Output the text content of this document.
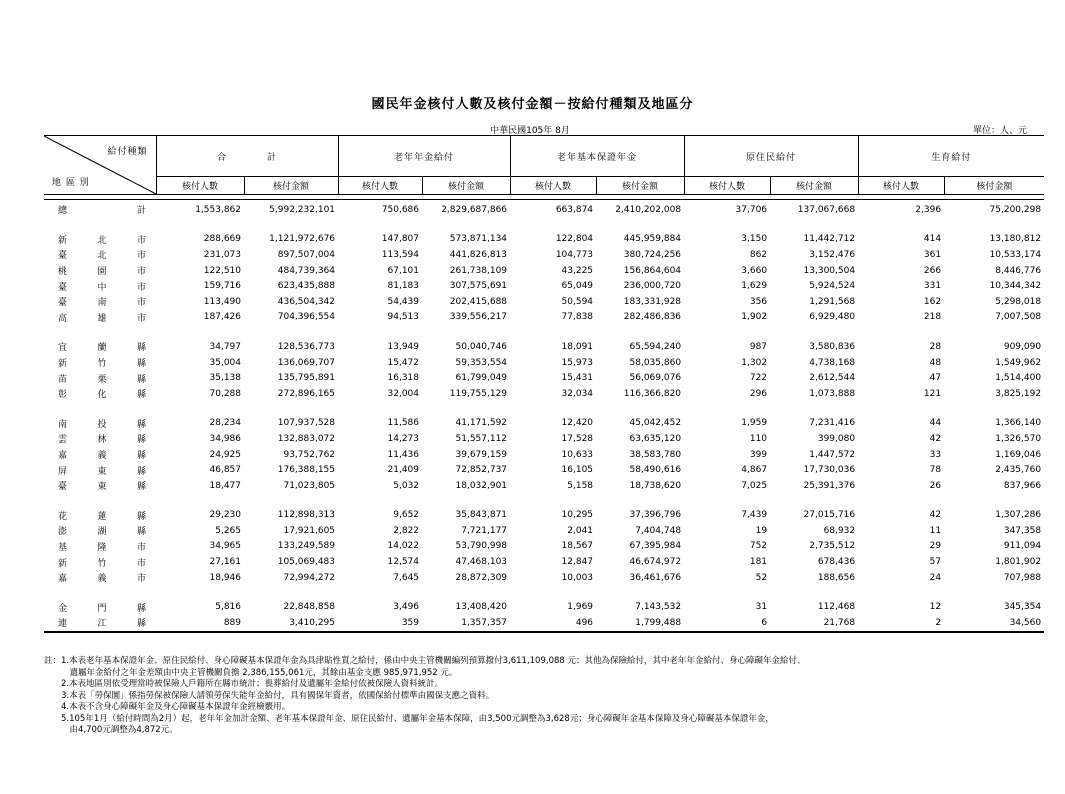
國民年金核付人數及核付金額－按給付種類及地區分
中華民國105年 8月	單位：人、元
給付種類
地 區 別	合　　　　計		老年年金給付		老年基本保證年金		原住民給付		生育給付	
	核付人數	核付金額	核付人數	核付金額	核付人數	核付金額	核付人數	核付金額	核付人數	核付金額

總計	1,553,862	5,992,232,101	750,686	2,829,687,866	663,874	2,410,202,008	37,706	137,067,668	2,396	75,200,298

新北市	288,669	1,121,972,676	147,807	573,871,134	122,804	445,959,884	3,150	11,442,712	414	13,180,812
臺北市	231,073	897,507,004	113,594	441,826,813	104,773	380,724,256	862	3,152,476	361	10,533,174
桃園市	122,510	484,739,364	67,101	261,738,109	43,225	156,864,604	3,660	13,300,504	266	8,446,776
臺中市	159,716	623,435,888	81,183	307,575,691	65,049	236,000,720	1,629	5,924,524	331	10,344,342
臺南市	113,490	436,504,342	54,439	202,415,688	50,594	183,331,928	356	1,291,568	162	5,298,018
高雄市	187,426	704,396,554	94,513	339,556,217	77,838	282,486,836	1,902	6,929,480	218	7,007,508

宜蘭縣	34,797	128,536,773	13,949	50,040,746	18,091	65,594,240	987	3,580,836	28	909,090
新竹縣	35,004	136,069,707	15,472	59,353,554	15,973	58,035,860	1,302	4,738,168	48	1,549,962
苗栗縣	35,138	135,795,891	16,318	61,799,049	15,431	56,069,076	722	2,612,544	47	1,514,400
彰化縣	70,288	272,896,165	32,004	119,755,129	32,034	116,366,820	296	1,073,888	121	3,825,192

南投縣	28,234	107,937,528	11,586	41,171,592	12,420	45,042,452	1,959	7,231,416	44	1,366,140
雲林縣	34,986	132,883,072	14,273	51,557,112	17,528	63,635,120	110	399,080	42	1,326,570
嘉義縣	24,925	93,752,762	11,436	39,679,159	10,633	38,583,780	399	1,447,572	33	1,169,046
屏東縣	46,857	176,388,155	21,409	72,852,737	16,105	58,490,616	4,867	17,730,036	78	2,435,760
臺東縣	18,477	71,023,805	5,032	18,032,901	5,158	18,738,620	7,025	25,391,376	26	837,966

花蓮縣	29,230	112,898,313	9,652	35,843,871	10,295	37,396,796	7,439	27,015,716	42	1,307,286
澎湖縣	5,265	17,921,605	2,822	7,721,177	2,041	7,404,748	19	68,932	11	347,358
基隆市	34,965	133,249,589	14,022	53,790,998	18,567	67,395,984	752	2,735,512	29	911,094
新竹市	27,161	105,069,483	12,574	47,468,103	12,847	46,674,972	181	678,436	57	1,801,902
嘉義市	18,946	72,994,272	7,645	28,872,309	10,003	36,461,676	52	188,656	24	707,988

金門縣	5,816	22,848,858	3,496	13,408,420	1,969	7,143,532	31	112,468	12	345,354
連江縣	889	3,410,295	359	1,357,357	496	1,799,488	6	21,768	2	34,560
註：1.本表老年基本保證年金、原住民給付、身心障礙基本保證年金為具津貼性質之給付，係由中央主管機關編列預算撥付3,611,109,088 元；其他為保險給付，其中老年年金給付、身心障礙年金給付、
　　　遺屬年金給付之年金差額由中央主管機關負擔 2,386,155,061元，其餘由基金支應 985,971,952 元。
　　2.本表地區別依受理當時被保險人戶籍所在縣市統計；喪葬給付及遺屬年金給付依被保險人資料統計。
　　3.本表「勞保圖」係指勞保被保險人請領勞保失能年金給付，具有國保年資者，依國保給付標準由國保支應之資料。
　　4.本表不含身心障礙年金及身心障礙基本保證年金經檢覈用。
　　5.105年1月（給付時間為2月）起，老年年金加計金額、老年基本保證年金、原住民給付、遺屬年金基本保障，由3,500元調整為3,628元；身心障礙年金基本保障及身心障礙基本保證年金，
　　　由4,700元調整為4,872元。
